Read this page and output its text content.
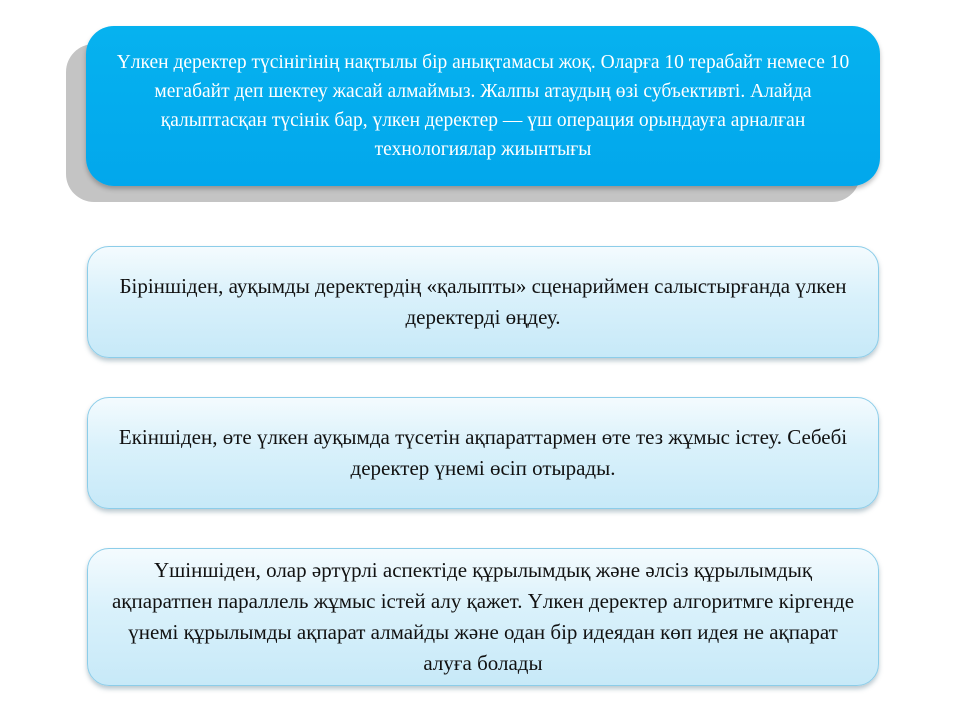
Үлкен деректер түсінігінің нақтылы бір анықтамасы жоқ. Оларға 10 терабайт немесе 10 мегабайт деп шектеу жасай алмаймыз. Жалпы атаудың өзі субъективті. Алайда қалыптасқан түсінік бар, үлкен деректер — үш операция орындауға арналған технологиялар жиынтығы

Біріншіден, ауқымды деректердің «қалыпты» сценариймен салыстырғанда үлкен деректерді өңдеу.

Екіншіден, өте үлкен ауқымда түсетін ақпараттармен өте тез жұмыс істеу. Себебі деректер үнемі өсіп отырады.

Үшіншіден, олар әртүрлі аспектіде құрылымдық және әлсіз құрылымдық ақпаратпен параллель жұмыс істей алу қажет. Үлкен деректер алгоритмге кіргенде үнемі құрылымды ақпарат алмайды және одан бір идеядан көп идея не ақпарат алуға болады
